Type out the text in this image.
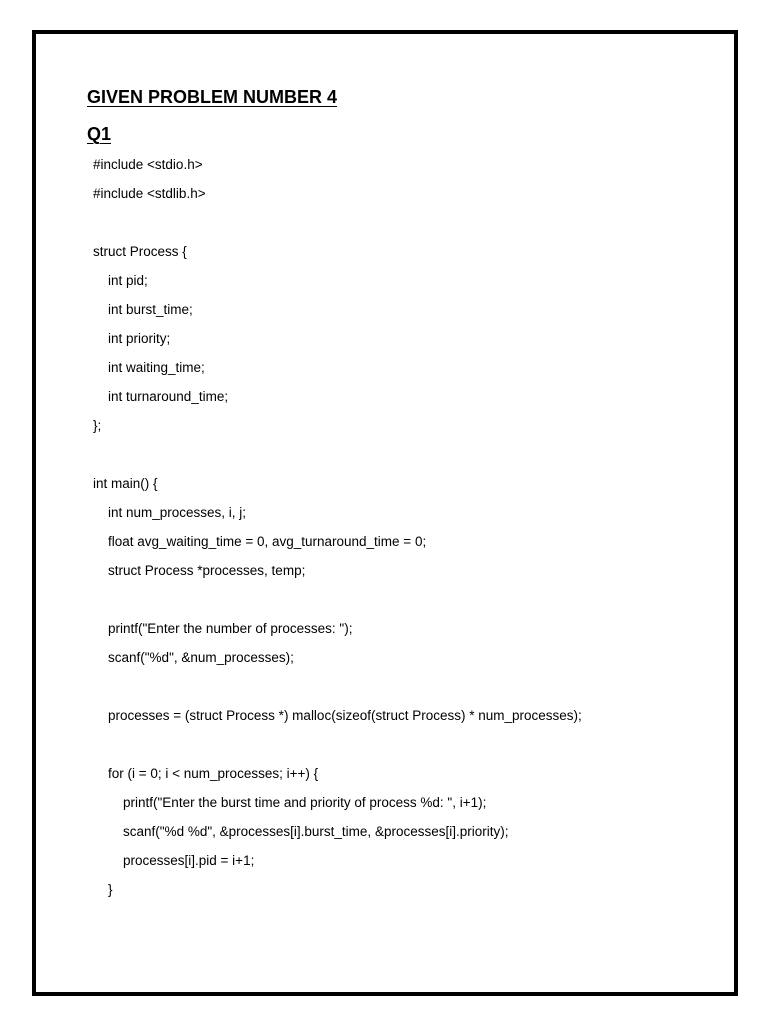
GIVEN PROBLEM NUMBER 4
Q1
#include <stdio.h>
#include <stdlib.h>
struct Process {
int pid;
int burst_time;
int priority;
int waiting_time;
int turnaround_time;
};
int main() {
int num_processes, i, j;
float avg_waiting_time = 0, avg_turnaround_time = 0;
struct Process *processes, temp;
printf("Enter the number of processes: ");
scanf("%d", &num_processes);
processes = (struct Process *) malloc(sizeof(struct Process) * num_processes);
for (i = 0; i < num_processes; i++) {
printf("Enter the burst time and priority of process %d: ", i+1);
scanf("%d %d", &processes[i].burst_time, &processes[i].priority);
processes[i].pid = i+1;
}
